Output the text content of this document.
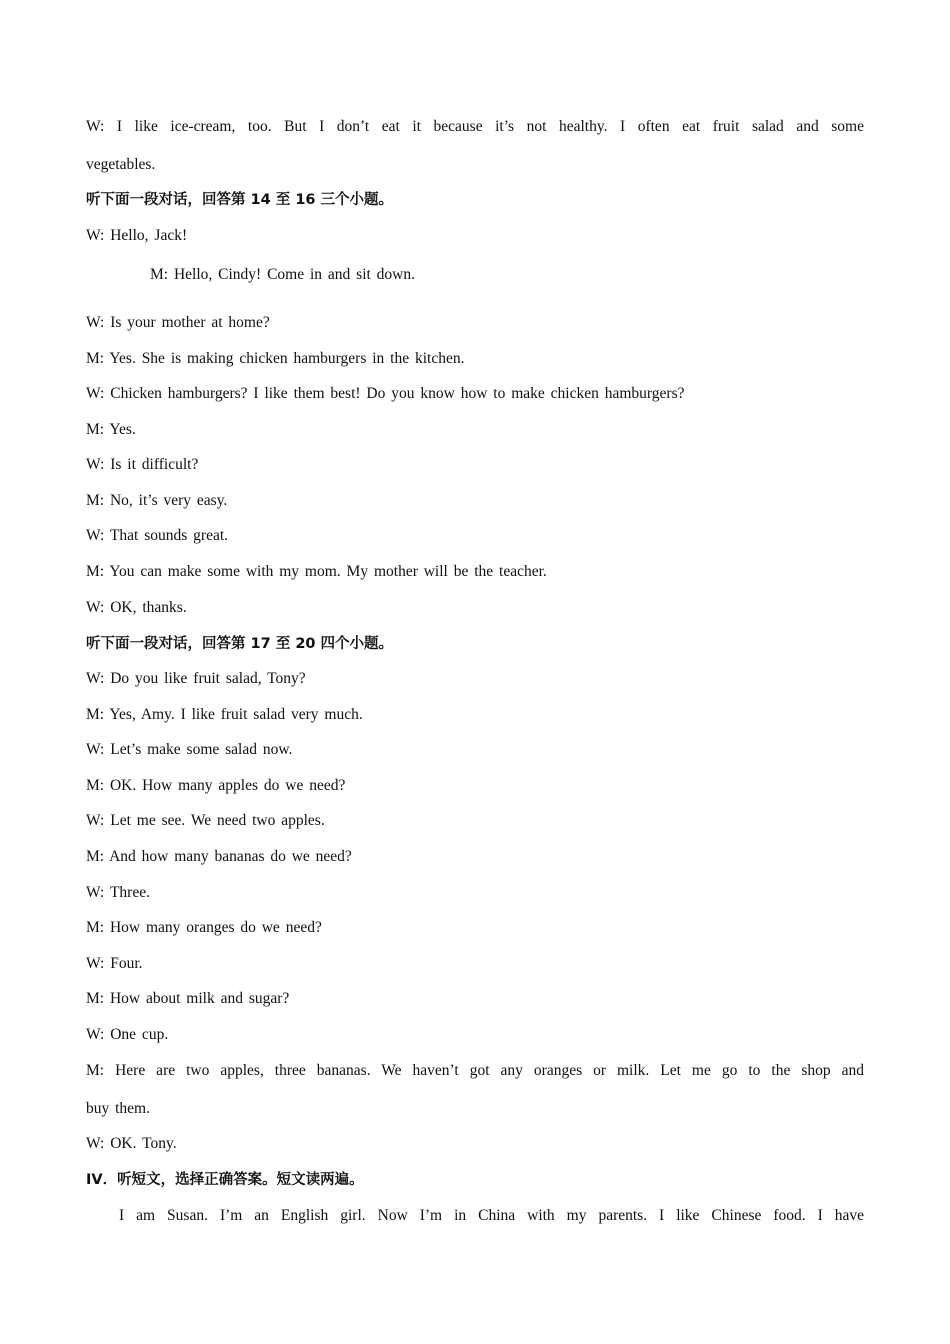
W: I like ice-cream, too. But I don’t eat it because it’s not healthy. I often eat fruit salad and some
vegetables.
听下面一段对话，回答第 14 至 16 三个小题。
W: Hello, Jack!
M: Hello, Cindy! Come in and sit down.
W: Is your mother at home?
M: Yes. She is making chicken hamburgers in the kitchen.
W: Chicken hamburgers? I like them best! Do you know how to make chicken hamburgers?
M: Yes.
W: Is it difficult?
M: No, it’s very easy.
W: That sounds great.
M: You can make some with my mom. My mother will be the teacher.
W: OK, thanks.
听下面一段对话，回答第 17 至 20 四个小题。
W: Do you like fruit salad, Tony?
M: Yes, Amy. I like fruit salad very much.
W: Let’s make some salad now.
M: OK. How many apples do we need?
W: Let me see. We need two apples.
M: And how many bananas do we need?
W: Three.
M: How many oranges do we need?
W: Four.
M: How about milk and sugar?
W: One cup.
M: Here are two apples, three bananas. We haven’t got any oranges or milk. Let me go to the shop and
buy them.
W: OK. Tony.
IV．听短文，选择正确答案。短文读两遍。
I am Susan. I’m an English girl. Now I’m in China with my parents. I like Chinese food. I have
